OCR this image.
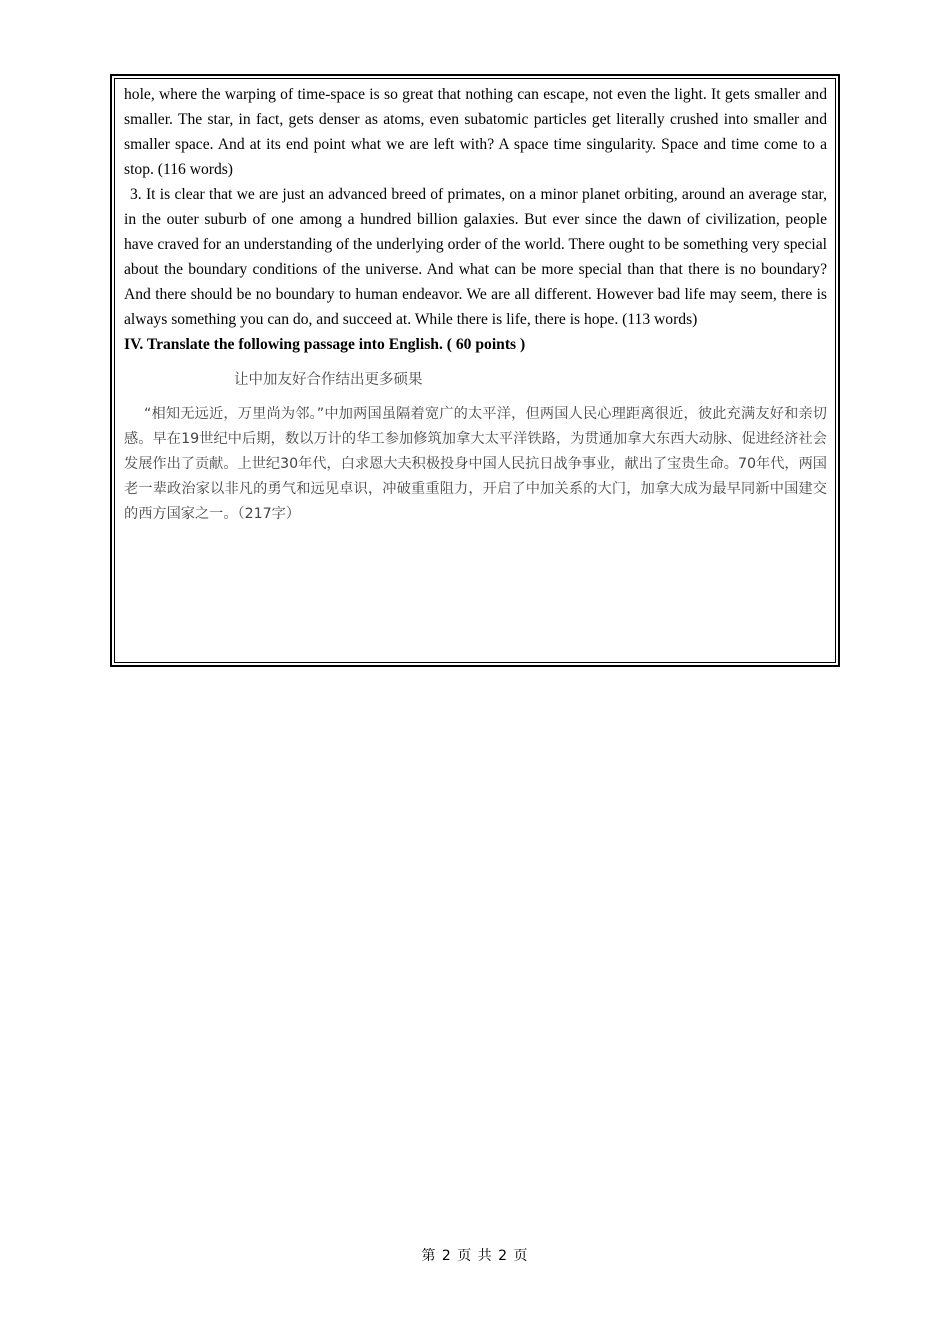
hole, where the warping of time-space is so great that nothing can escape, not even the light. It gets smaller and smaller. The star, in fact, gets denser as atoms, even subatomic particles get literally crushed into smaller and smaller space. And at its end point what we are left with? A space time singularity. Space and time come to a stop. (116 words)

3. It is clear that we are just an advanced breed of primates, on a minor planet orbiting, around an average star, in the outer suburb of one among a hundred billion galaxies. But ever since the dawn of civilization, people have craved for an understanding of the underlying order of the world. There ought to be something very special about the boundary conditions of the universe. And what can be more special than that there is no boundary? And there should be no boundary to human endeavor. We are all different. However bad life may seem, there is always something you can do, and succeed at. While there is life, there is hope. (113 words)

IV. Translate the following passage into English. ( 60 points )

让中加友好合作结出更多硕果

“相知无远近，万里尚为邻。”中加两国虽隔着宽广的太平洋，但两国人民心理距离很近，彼此充满友好和亲切感。早在19世纪中后期，数以万计的华工参加修筑加拿大太平洋铁路，为贯通加拿大东西大动脉、促进经济社会发展作出了贡献。上世纪30年代，白求恩大夫积极投身中国人民抗日战争事业，献出了宝贵生命。70年代，两国老一辈政治家以非凡的勇气和远见卓识，冲破重重阻力，开启了中加关系的大门，加拿大成为最早同新中国建交的西方国家之一。（217字）

第 2 页 共 2 页
